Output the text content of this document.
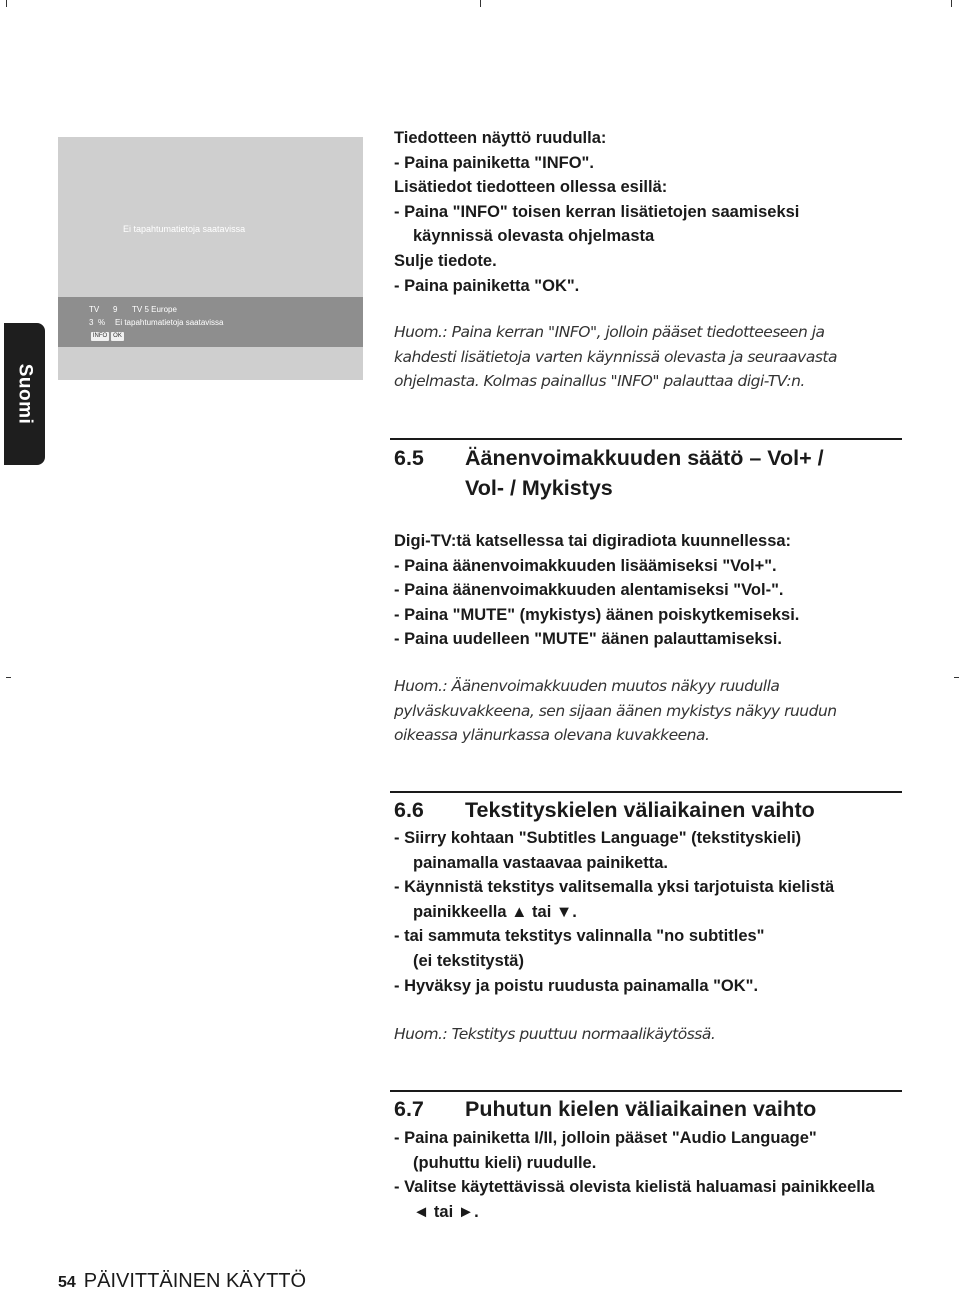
Suomi
Ei tapahtumatietoja saatavissa
TV 9 TV 5 Europe
3 % Ei tapahtumatietoja saatavissa
INFO OK

Tiedotteen näyttö ruudulla:

- Paina painiketta "INFO".

Lisätiedot tiedotteen ollessa esillä:

- Paina "INFO" toisen kerran lisätietojen saamiseksi

käynnissä olevasta ohjelmasta

Sulje tiedote.

- Paina painiketta "OK".

Huom.: Paina kerran "INFO", jolloin pääset tiedotteeseen ja

kahdesti lisätietoja varten käynnissä olevasta ja seuraavasta

ohjelmasta. Kolmas painallus "INFO" palauttaa digi-TV:n.

6.5 Äänenvoimakkuuden säätö – Vol+ /
Vol- / Mykistys

Digi-TV:tä katsellessa tai digiradiota kuunnellessa:

- Paina äänenvoimakkuuden lisäämiseksi "Vol+".

- Paina äänenvoimakkuuden alentamiseksi "Vol-".

- Paina "MUTE" (mykistys) äänen poiskytkemiseksi.

- Paina uudelleen "MUTE" äänen palauttamiseksi.

Huom.: Äänenvoimakkuuden muutos näkyy ruudulla

pylväskuvakkeena, sen sijaan äänen mykistys näkyy ruudun

oikeassa ylänurkassa olevana kuvakkeena.

6.6 Tekstityskielen väliaikainen vaihto

- Siirry kohtaan "Subtitles Language" (tekstityskieli)

painamalla vastaavaa painiketta.

- Käynnistä tekstitys valitsemalla yksi tarjotuista kielistä

painikkeella ▲ tai ▼.

- tai sammuta tekstitys valinnalla "no subtitles"

(ei tekstitystä)

- Hyväksy ja poistu ruudusta painamalla "OK".

Huom.: Tekstitys puuttuu normaalikäytössä.

6.7 Puhutun kielen väliaikainen vaihto

- Paina painiketta I/II, jolloin pääset "Audio Language"

(puhuttu kieli) ruudulle.

- Valitse käytettävissä olevista kielistä haluamasi painikkeella

◄ tai ►.

54 PÄIVITTÄINEN KÄYTTÖ
